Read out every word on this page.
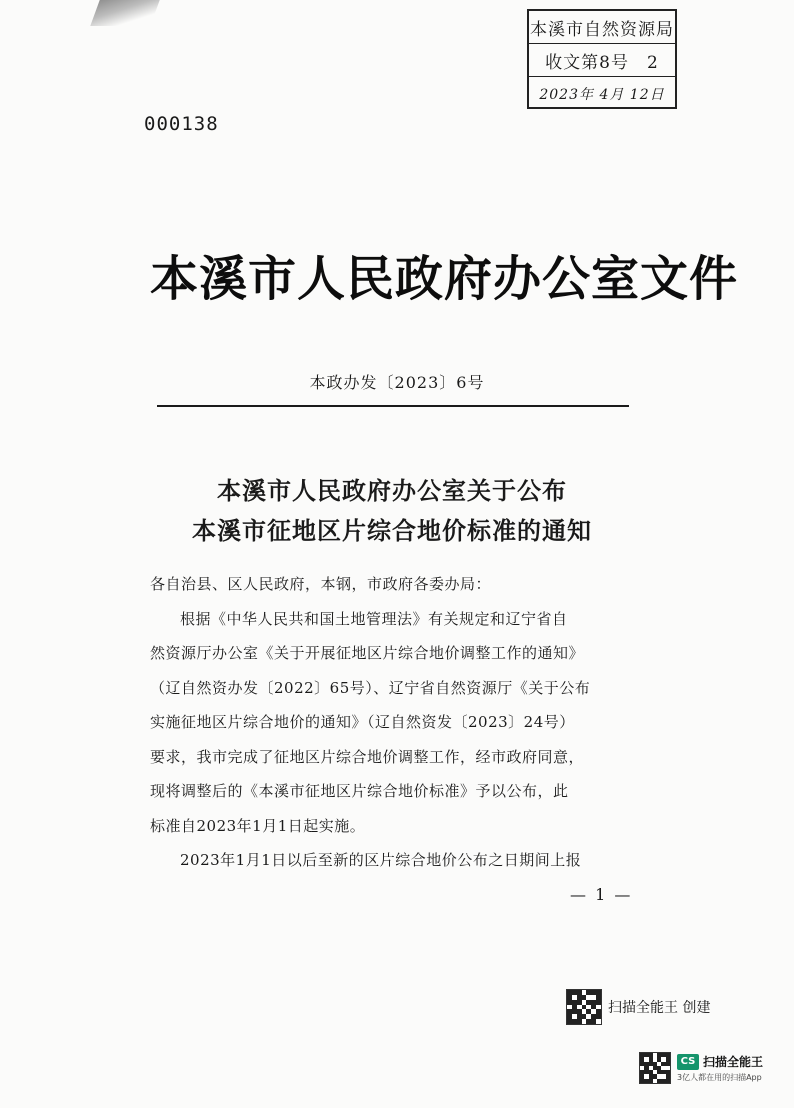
本溪市自然资源局
收文第8号　2
2023年 4月 12日
000138
本溪市人民政府办公室文件
本政办发〔2023〕6号
本溪市人民政府办公室关于公布
本溪市征地区片综合地价标准的通知

各自治县、区人民政府，本钢，市政府各委办局：

根据《中华人民共和国土地管理法》有关规定和辽宁省自
然资源厅办公室《关于开展征地区片综合地价调整工作的通知》
（辽自然资办发〔2022〕65号）、辽宁省自然资源厅《关于公布
实施征地区片综合地价的通知》（辽自然资发〔2023〕24号）
要求，我市完成了征地区片综合地价调整工作，经市政府同意，
现将调整后的《本溪市征地区片综合地价标准》予以公布，此
标准自2023年1月1日起实施。

2023年1月1日以后至新的区片综合地价公布之日期间上报

— 1 —
扫描全能王 创建
CS 扫描全能王
3亿人都在用的扫描App
